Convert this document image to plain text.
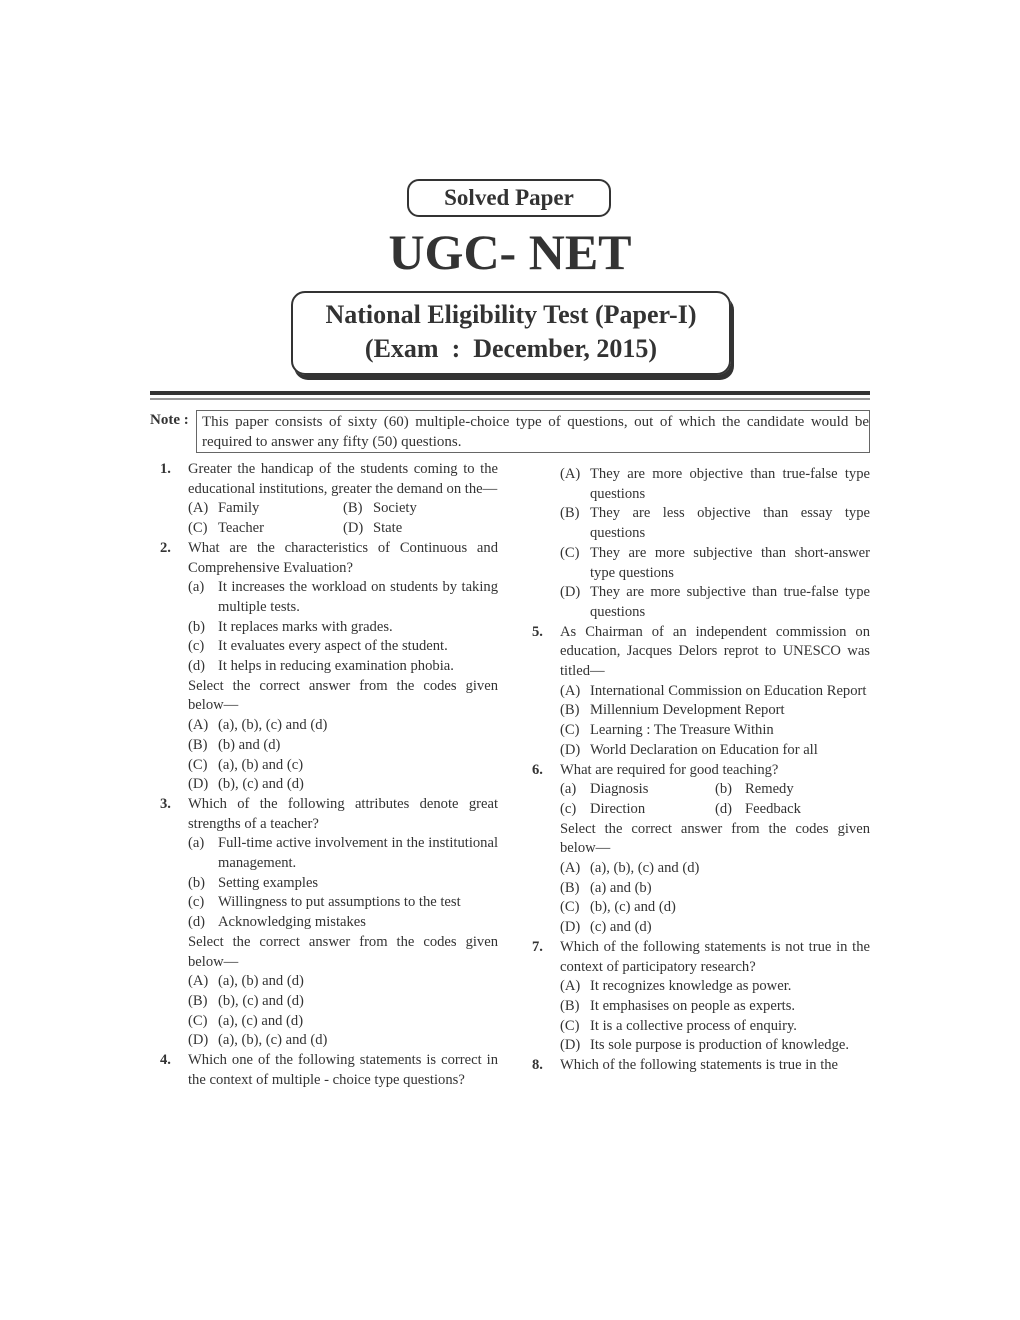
Solved Paper
UGC- NET
National Eligibility Test (Paper-I)
(Exam  :  December, 2015)
Note : This paper consists of sixty (60) multiple-choice type of questions, out of which the candidate would be required to answer any fifty (50) questions.
1. Greater the handicap of the students coming to the educational institutions, greater the demand on the—
(A) Family	(B) Society
(C) Teacher	(D) State
2. What are the characteristics of Continuous and Comprehensive Evaluation?
(a) It increases the workload on students by taking multiple tests.
(b) It replaces marks with grades.
(c) It evaluates every aspect of the student.
(d) It helps in reducing examination phobia.
Select the correct answer from the codes given below—
(A) (a), (b), (c) and (d)
(B) (b) and (d)
(C) (a), (b) and (c)
(D) (b), (c) and (d)
3. Which of the following attributes denote great strengths of a teacher?
(a) Full-time active involvement in the institutional management.
(b) Setting examples
(c) Willingness to put assumptions to the test
(d) Acknowledging mistakes
Select the correct answer from the codes given below—
(A) (a), (b) and (d)
(B) (b), (c) and (d)
(C) (a), (c) and (d)
(D) (a), (b), (c) and (d)
4. Which one of the following statements is correct in the context of multiple - choice type questions?
(A) They are more objective than true-false type questions
(B) They are less objective than essay type questions
(C) They are more subjective than short-answer type questions
(D) They are more subjective than true-false type questions
5. As Chairman of an independent commission on education, Jacques Delors reprot to UNESCO was titled—
(A) International Commission on Education Report
(B) Millennium Development Report
(C) Learning : The Treasure Within
(D) World Declaration on Education for all
6. What are required for good teaching?
(a) Diagnosis	(b) Remedy
(c) Direction	(d) Feedback
Select the correct answer from the codes given below—
(A) (a), (b), (c) and (d)
(B) (a) and (b)
(C) (b), (c) and (d)
(D) (c) and (d)
7. Which of the following statements is not true in the context of participatory research?
(A) It recognizes knowledge as power.
(B) It emphasises on people as experts.
(C) It is a collective process of enquiry.
(D) Its sole purpose is production of knowledge.
8. Which of the following statements is true in the
